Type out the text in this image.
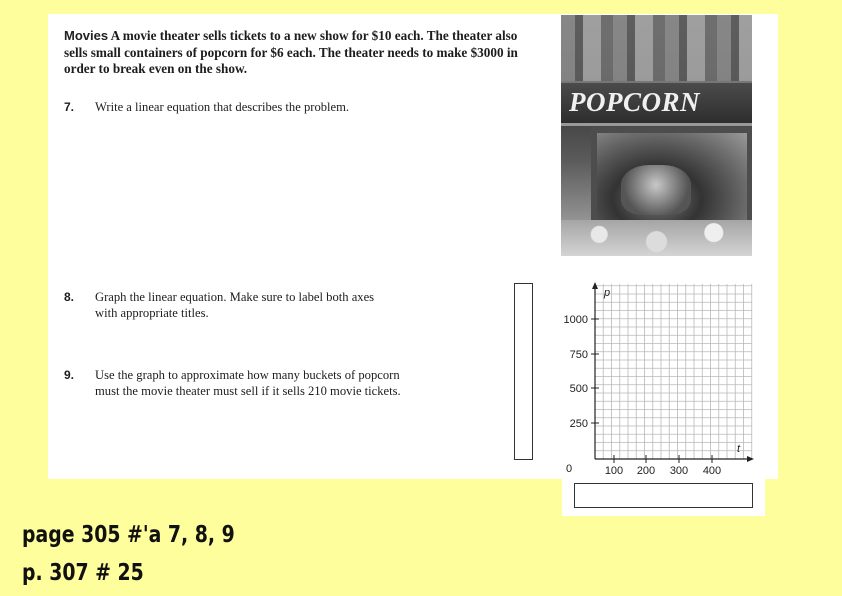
Movies A movie theater sells tickets to a new show for $10 each. The theater also sells small containers of popcorn for $6 each. The theater needs to make $3000 in order to break even on the show.
7. Write a linear equation that describes the problem.
8. Graph the linear equation. Make sure to label both axes
with appropriate titles.
9. Use the graph to approximate how many buckets of popcorn
must the movie theater must sell if it sells 210 movie tickets.
POPCORN
p
t
0
1000
750
500
250
100 200 300 400
page 305 #'a 7, 8, 9
p. 307 # 25
